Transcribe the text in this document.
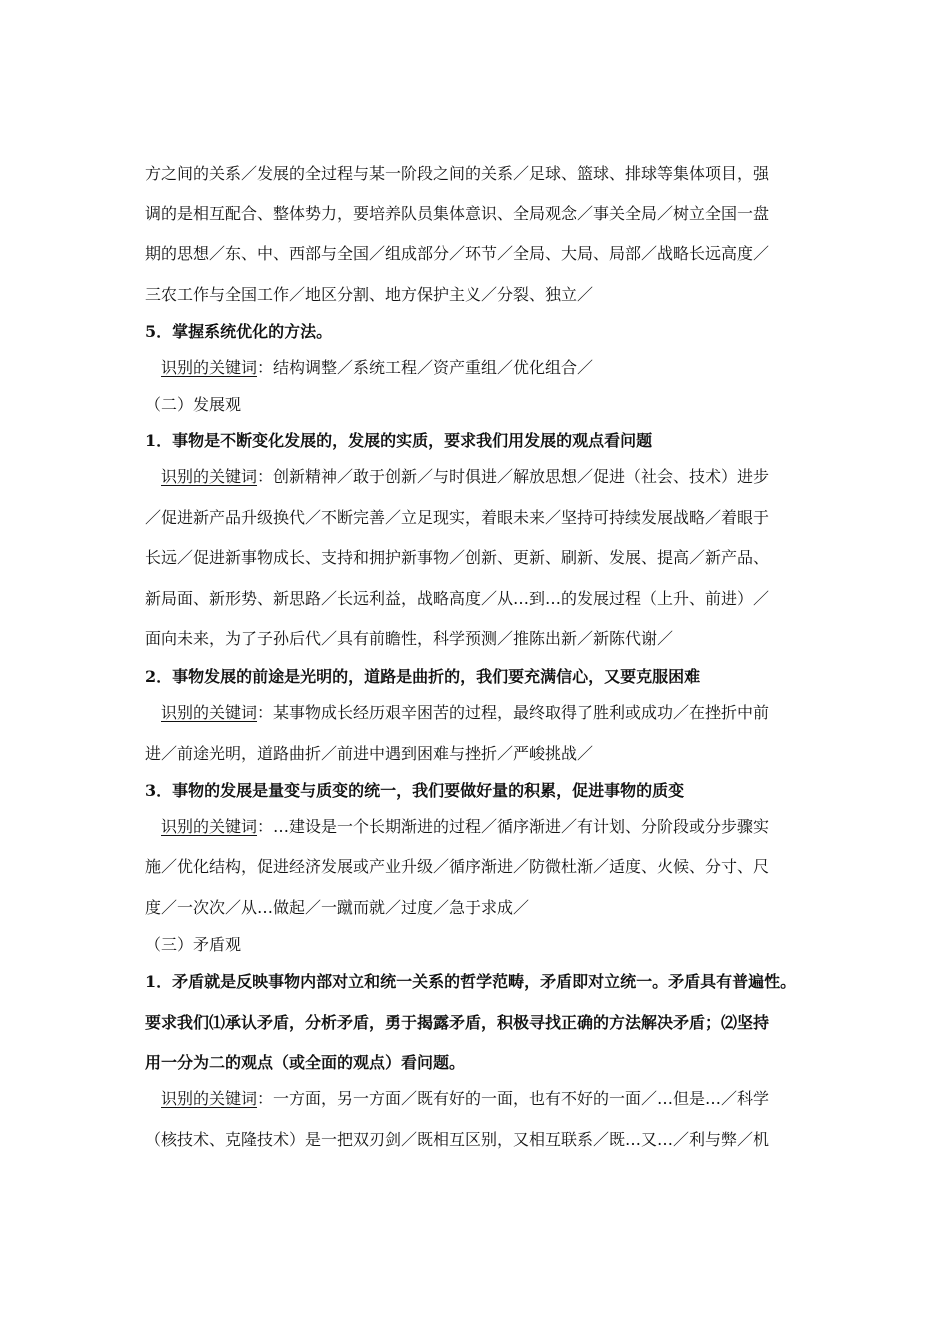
方之间的关系／发展的全过程与某一阶段之间的关系／足球、篮球、排球等集体项目，强
调的是相互配合、整体势力，要培养队员集体意识、全局观念／事关全局／树立全国一盘
期的思想／东、中、西部与全国／组成部分／环节／全局、大局、局部／战略长远高度／
三农工作与全国工作／地区分割、地方保护主义／分裂、独立／
5．掌握系统优化的方法。
识别的关键词：结构调整／系统工程／资产重组／优化组合／
（二）发展观
1．事物是不断变化发展的，发展的实质，要求我们用发展的观点看问题
识别的关键词：创新精神／敢于创新／与时俱进／解放思想／促进（社会、技术）进步
／促进新产品升级换代／不断完善／立足现实，着眼未来／坚持可持续发展战略／着眼于
长远／促进新事物成长、支持和拥护新事物／创新、更新、刷新、发展、提高／新产品、
新局面、新形势、新思路／长远利益，战略高度／从…到…的发展过程（上升、前进）／
面向未来，为了子孙后代／具有前瞻性，科学预测／推陈出新／新陈代谢／
2．事物发展的前途是光明的，道路是曲折的，我们要充满信心，又要克服困难
识别的关键词：某事物成长经历艰辛困苦的过程，最终取得了胜利或成功／在挫折中前
进／前途光明，道路曲折／前进中遇到困难与挫折／严峻挑战／
3．事物的发展是量变与质变的统一，我们要做好量的积累，促进事物的质变
识别的关键词：…建设是一个长期渐进的过程／循序渐进／有计划、分阶段或分步骤实
施／优化结构，促进经济发展或产业升级／循序渐进／防微杜渐／适度、火候、分寸、尺
度／一次次／从…做起／一蹴而就／过度／急于求成／
（三）矛盾观
1．矛盾就是反映事物内部对立和统一关系的哲学范畴，矛盾即对立统一。矛盾具有普遍性。
要求我们⑴承认矛盾，分析矛盾，勇于揭露矛盾，积极寻找正确的方法解决矛盾；⑵坚持
用一分为二的观点（或全面的观点）看问题。
识别的关键词：一方面，另一方面／既有好的一面，也有不好的一面／…但是…／科学
（核技术、克隆技术）是一把双刃剑／既相互区别，又相互联系／既…又…／利与弊／机
